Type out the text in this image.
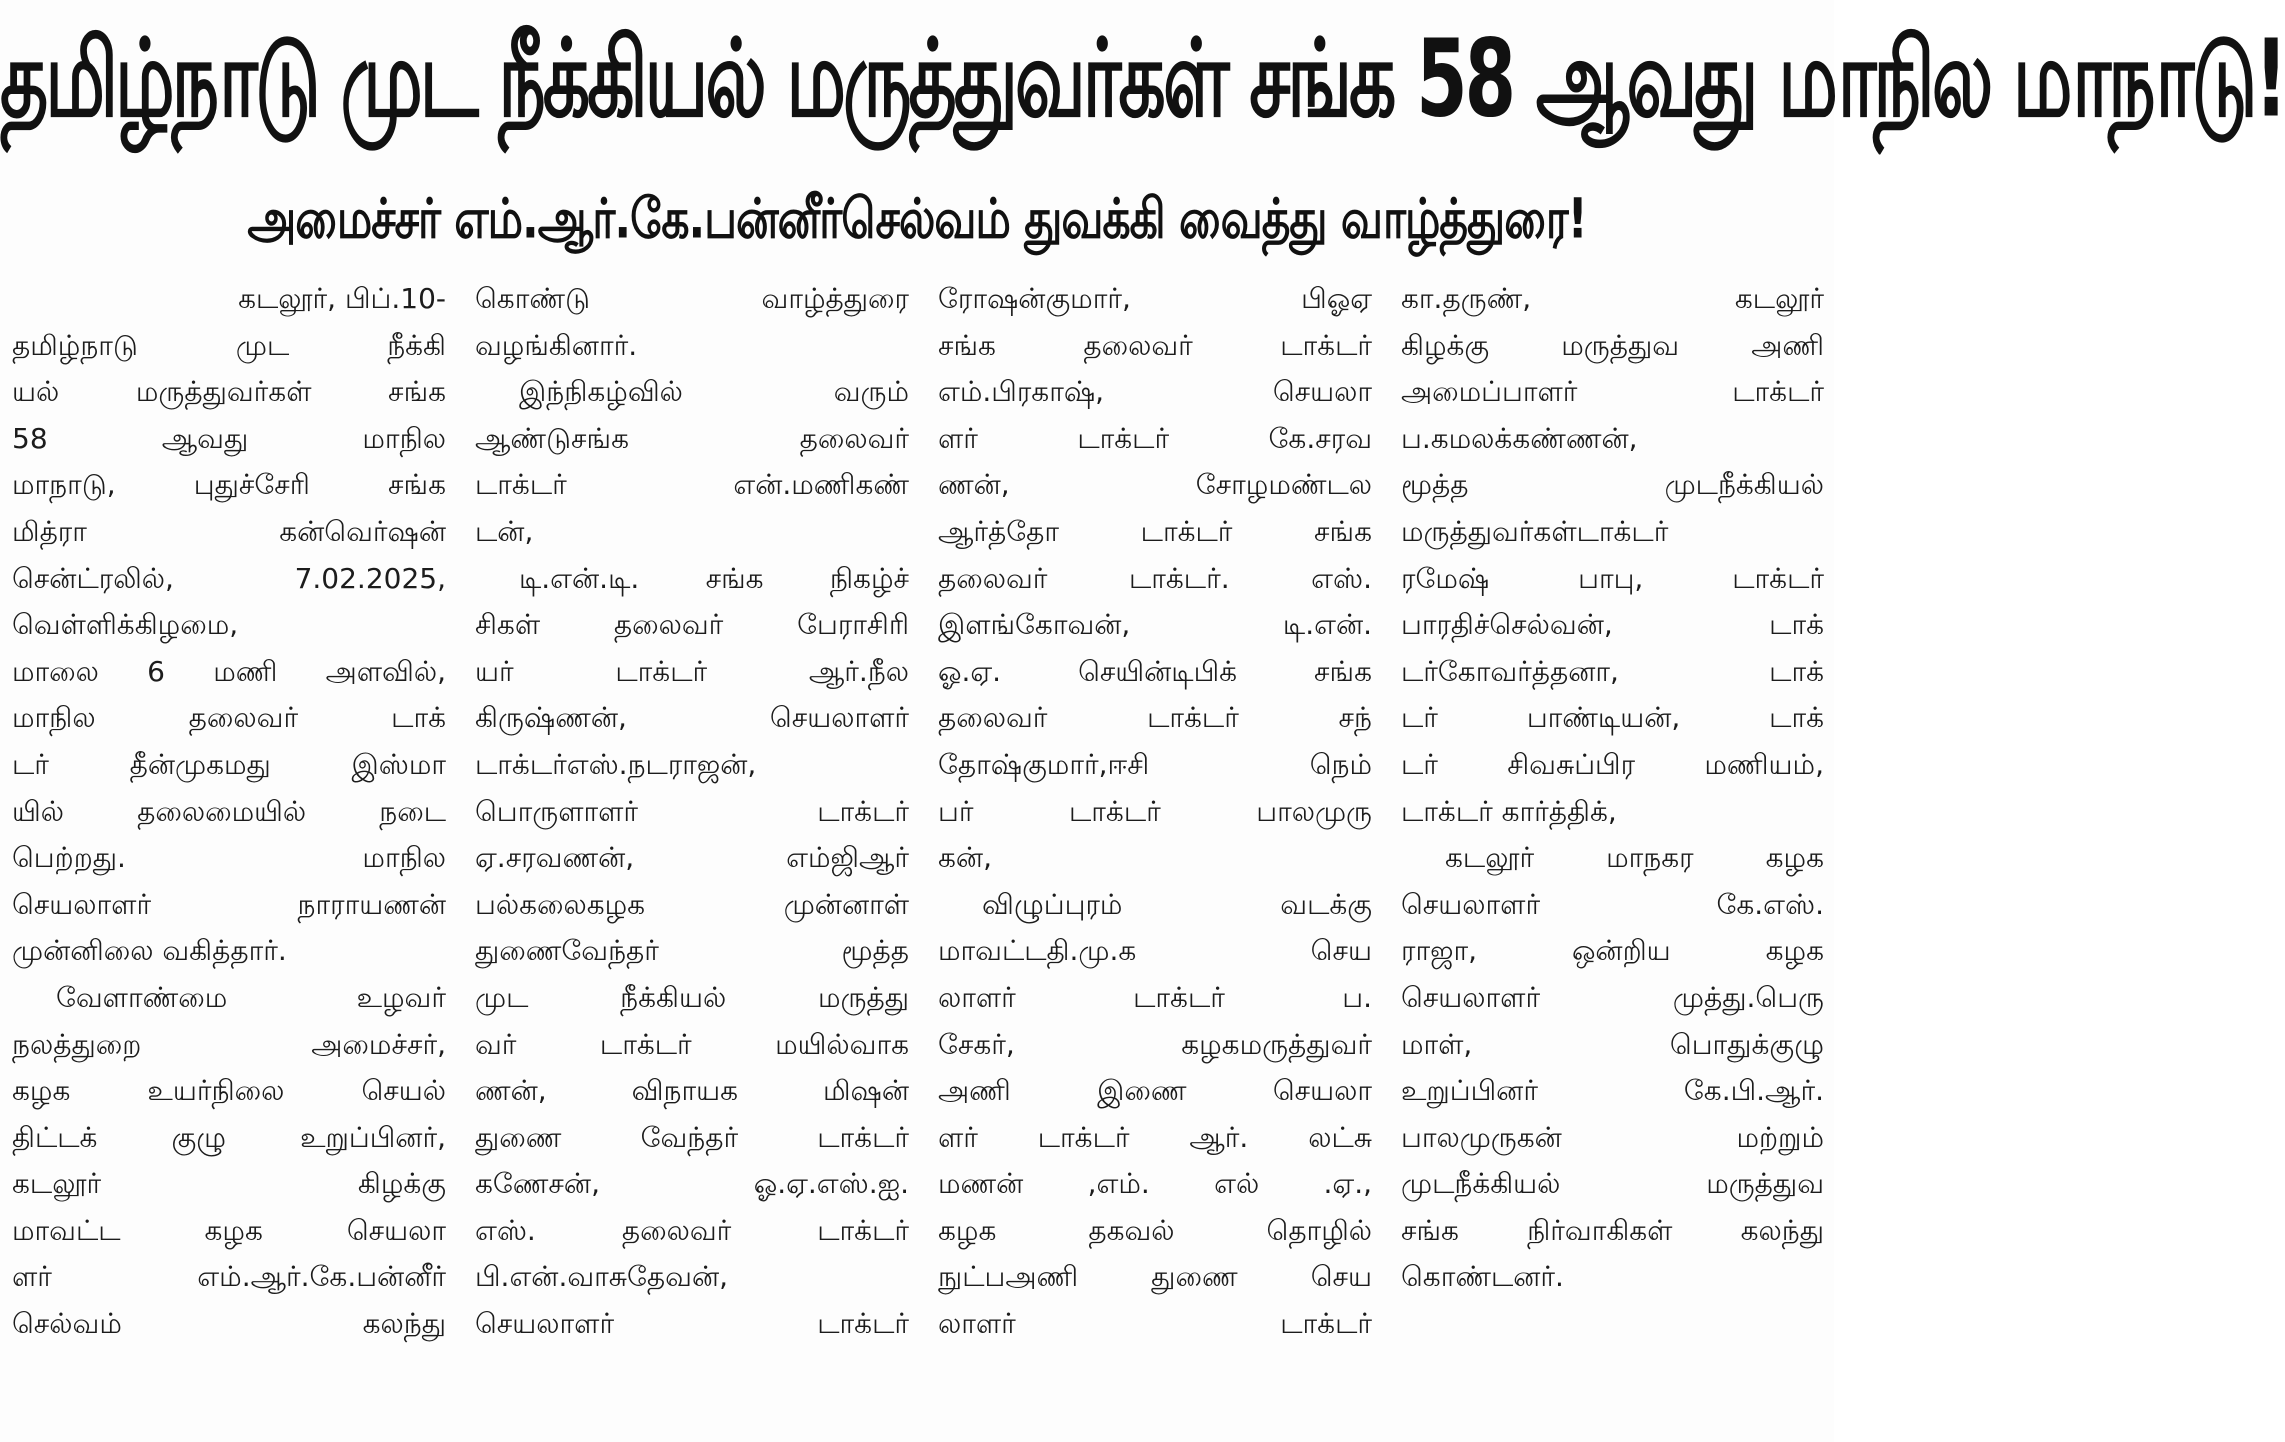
தமிழ்நாடு முட நீக்கியல் மருத்துவர்கள் சங்க 58 ஆவது மாநில மாநாடு!
அமைச்சர் எம்.ஆர்.கே.பன்னீர்செல்வம் துவக்கி வைத்து வாழ்த்துரை!
கடலூர், பிப்.10-
தமிழ்நாடு முட நீக்கி
யல் மருத்துவர்கள் சங்க
58 ஆவது மாநில
மாநாடு, புதுச்சேரி சங்க
மித்ரா கன்வெர்ஷன்
சென்ட்ரலில், 7.02.2025,
வெள்ளிக்கிழமை,
மாலை 6 மணி அளவில்,
மாநில தலைவர் டாக்
டர் தீன்முகமது இஸ்மா
யில் தலைமையில் நடை
பெற்றது. மாநில
செயலாளர் நாராயணன்
முன்னிலை வகித்தார்.
வேளாண்மை உழவர்
நலத்துறை அமைச்சர்,
கழக உயர்நிலை செயல்
திட்டக் குழு உறுப்பினர்,
கடலூர் கிழக்கு
மாவட்ட கழக செயலா
ளர் எம்.ஆர்.கே.பன்னீர்
செல்வம் கலந்து
கொண்டு வாழ்த்துரை
வழங்கினார்.
இந்நிகழ்வில் வரும்
ஆண்டுசங்க தலைவர்
டாக்டர் என்.மணிகண்
டன்,
டி.என்.டி. சங்க நிகழ்ச்
சிகள் தலைவர் பேராசிரி
யர் டாக்டர் ஆர்.நீல
கிருஷ்ணன், செயலாளர்
டாக்டர்எஸ்.நடராஜன்,
பொருளாளர் டாக்டர்
ஏ.சரவணன், எம்ஜிஆர்
பல்கலைகழக முன்னாள்
துணைவேந்தர் மூத்த
முட நீக்கியல் மருத்து
வர் டாக்டர் மயில்வாக
ணன், விநாயக மிஷன்
துணை வேந்தர் டாக்டர்
கணேசன், ஓ.ஏ.எஸ்.ஐ.
எஸ். தலைவர் டாக்டர்
பி.என்.வாசுதேவன்,
செயலாளர் டாக்டர்
ரோஷன்குமார், பிஓஏ
சங்க தலைவர் டாக்டர்
எம்.பிரகாஷ், செயலா
ளர் டாக்டர் கே.சரவ
ணன், சோழமண்டல
ஆர்த்தோ டாக்டர் சங்க
தலைவர் டாக்டர். எஸ்.
இளங்கோவன், டி.என்.
ஓ.ஏ. செயின்டிபிக் சங்க
தலைவர் டாக்டர் சந்
தோஷ்குமார்,ஈசி நெம்
பர் டாக்டர் பாலமுரு
கன்,
விழுப்புரம் வடக்கு
மாவட்டதி.மு.க செய
லாளர் டாக்டர் ப.
சேகர், கழகமருத்துவர்
அணி இணை செயலா
ளர் டாக்டர் ஆர். லட்சு
மணன் ,எம். எல் .ஏ.,
கழக தகவல் தொழில்
நுட்பஅணி துணை செய
லாளர் டாக்டர்
கா.தருண், கடலூர்
கிழக்கு மருத்துவ அணி
அமைப்பாளர் டாக்டர்
ப.கமலக்கண்ணன்,
மூத்த முடநீக்கியல்
மருத்துவர்கள்டாக்டர்
ரமேஷ் பாபு, டாக்டர்
பாரதிச்செல்வன், டாக்
டர்கோவர்த்தனா, டாக்
டர் பாண்டியன், டாக்
டர் சிவசுப்பிர மணியம்,
டாக்டர் கார்த்திக்,
கடலூர் மாநகர கழக
செயலாளர் கே.எஸ்.
ராஜா, ஒன்றிய கழக
செயலாளர் முத்து.பெரு
மாள், பொதுக்குழு
உறுப்பினர் கே.பி.ஆர்.
பாலமுருகன் மற்றும்
முடநீக்கியல் மருத்துவ
சங்க நிர்வாகிகள் கலந்து
கொண்டனர்.
